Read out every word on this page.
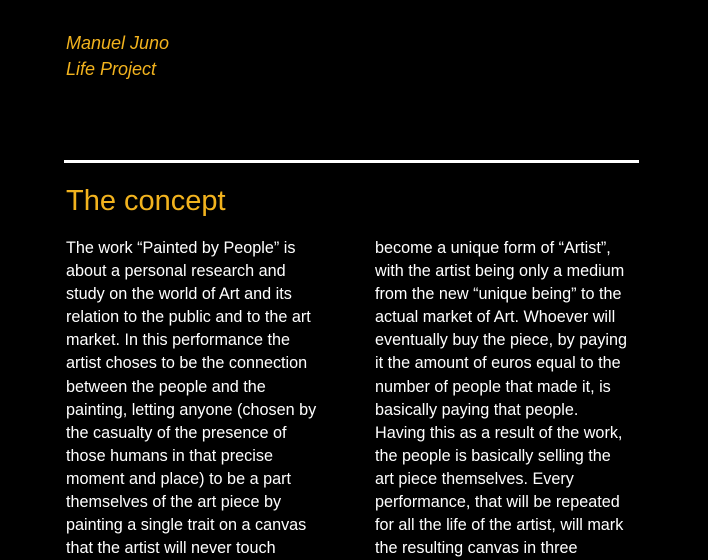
Manuel Juno
Life Project
The concept
The work “Painted by People” is
about a personal research and
study on the world of Art and its
relation to the public and to the art
market. In this performance the
artist choses to be the connection
between the people and the
painting, letting anyone (chosen by
the casualty of the presence of
those humans in that precise
moment and place) to be a part
themselves of the art piece by
painting a single trait on a canvas
that the artist will never touch
become a unique form of “Artist”,
with the artist being only a medium
from the new “unique being” to the
actual market of Art. Whoever will
eventually buy the piece, by paying
it the amount of euros equal to the
number of people that made it, is
basically paying that people.
Having this as a result of the work,
the people is basically selling the
art piece themselves. Every
performance, that will be repeated
for all the life of the artist, will mark
the resulting canvas in three
